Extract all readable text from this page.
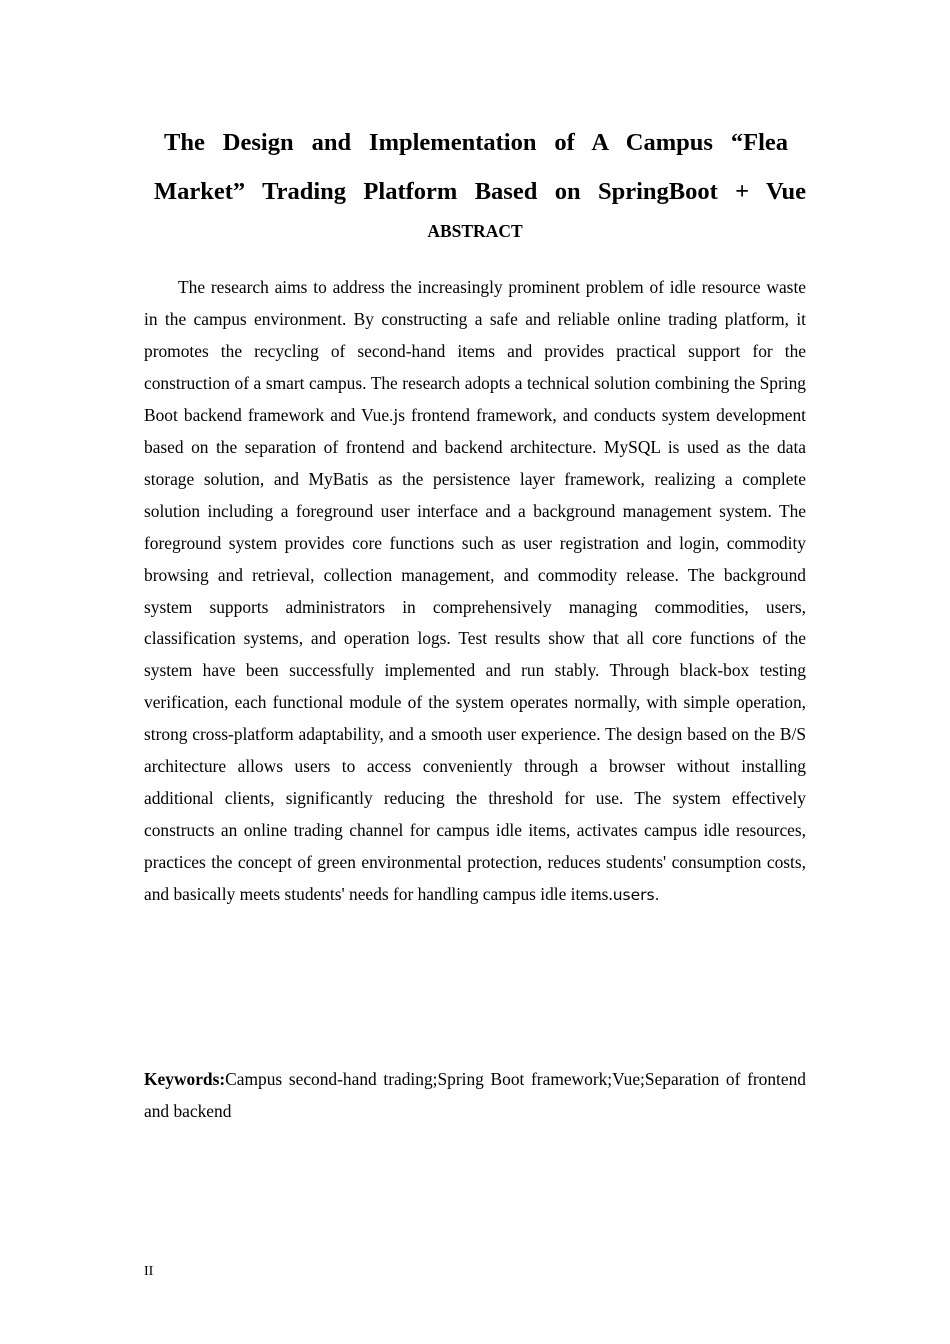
The Design and Implementation of A Campus “Flea
Market” Trading Platform Based on SpringBoot + Vue
ABSTRACT

The research aims to address the increasingly prominent problem of idle resource waste in the campus environment. By constructing a safe and reliable online trading platform, it promotes the recycling of second-hand items and provides practical support for the construction of a smart campus. The research adopts a technical solution combining the Spring Boot backend framework and Vue.js frontend framework, and conducts system development based on the separation of frontend and backend architecture. MySQL is used as the data storage solution, and MyBatis as the persistence layer framework, realizing a complete solution including a foreground user interface and a background management system. The foreground system provides core functions such as user registration and login, commodity browsing and retrieval, collection management, and commodity release. The background system supports administrators in comprehensively managing commodities, users, classification systems, and operation logs. Test results show that all core functions of the system have been successfully implemented and run stably. Through black-box testing verification, each functional module of the system operates normally, with simple operation, strong cross-platform adaptability, and a smooth user experience. The design based on the B/S architecture allows users to access conveniently through a browser without installing additional clients, significantly reducing the threshold for use. The system effectively constructs an online trading channel for campus idle items, activates campus idle resources, practices the concept of green environmental protection, reduces students' consumption costs, and basically meets students' needs for handling campus idle items.users.

Keywords:Campus second-hand trading;Spring Boot framework;Vue;Separation of frontend and backend

II
